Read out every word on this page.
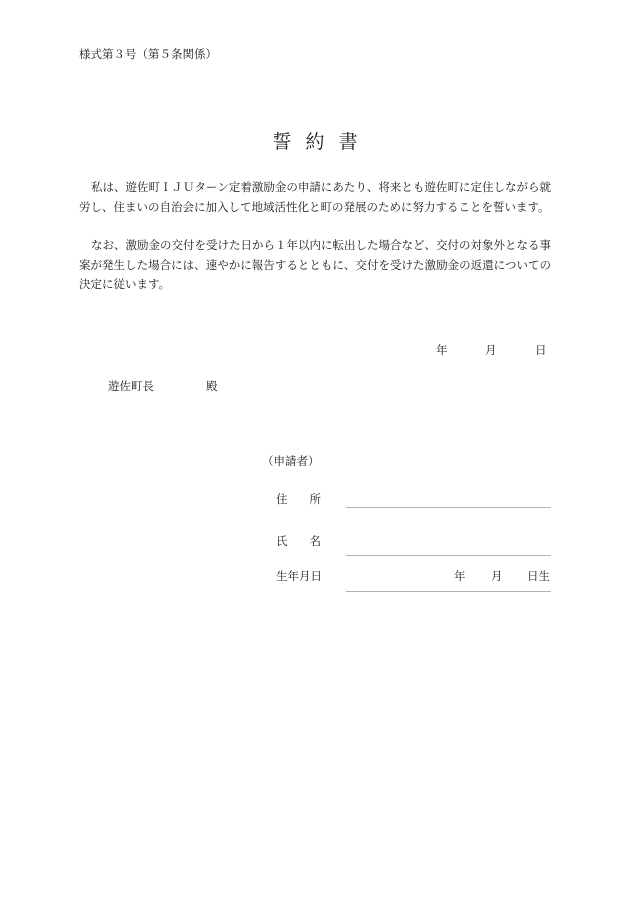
様式第３号（第５条関係）
誓約書

私は、遊佐町ＩＪＵターン定着激励金の申請にあたり、将来とも遊佐町に定住しながら就労し、住まいの自治会に加入して地域活性化と町の発展のために努力することを誓います。

なお、激励金の交付を受けた日から１年以内に転出した場合など、交付の対象外となる事案が発生した場合には、速やかに報告するとともに、交付を受けた激励金の返還についての決定に従います。

年	月	日
遊佐町長	殿
（申請者）
住所
氏名
生年月日	年 月 日生
